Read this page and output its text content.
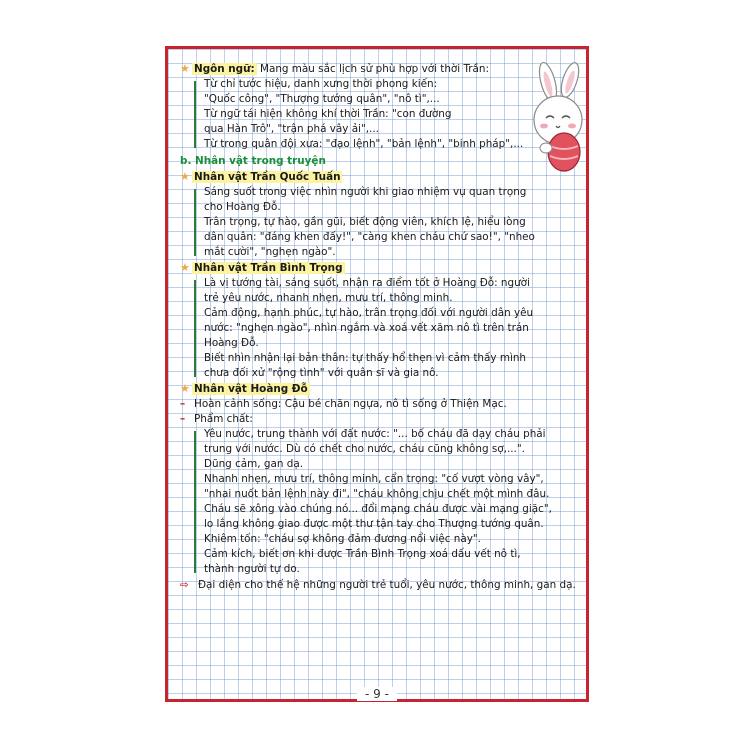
★ Ngôn ngữ: Mang màu sắc lịch sử phù hợp với thời Trần:
Từ chỉ tước hiệu, danh xưng thời phong kiến:
"Quốc công", "Thượng tướng quân", "nô tì",...
Từ ngữ tái hiện không khí thời Trần: "con đường
qua Hàn Trô", "trận phá vây ải",...
Từ trong quân đội xưa: "đạo lệnh", "bản lệnh", "binh pháp",...
b. Nhân vật trong truyện
★ Nhân vật Trần Quốc Tuấn
Sáng suốt trong việc nhìn người khi giao nhiệm vụ quan trọng
cho Hoàng Đỗ.
Trân trọng, tự hào, gần gũi, biết động viên, khích lệ, hiểu lòng
dân quân: "đáng khen đấy!", "càng khen cháu chứ sao!", "nheo
mắt cười", "nghẹn ngào".
★ Nhân vật Trần Bình Trọng
Là vị tướng tài, sáng suốt, nhận ra điểm tốt ở Hoàng Đỗ: người
trẻ yêu nước, nhanh nhẹn, mưu trí, thông minh.
Cảm động, hạnh phúc, tự hào, trân trọng đối với người dân yêu
nước: "nghẹn ngào", nhìn ngắm và xoá vết xăm nô tì trên trán
Hoàng Đỗ.
Biết nhìn nhận lại bản thân: tự thấy hổ thẹn vì cảm thấy mình
chưa đối xử "rộng tình" với quân sĩ và gia nô.
★ Nhân vật Hoàng Đỗ
– Hoàn cảnh sống: Cậu bé chăn ngựa, nô tì sống ở Thiện Mạc.
– Phẩm chất:
Yêu nước, trung thành với đất nước: "... bố cháu đã dạy cháu phải
trung với nước. Dù có chết cho nước, cháu cũng không sợ,...".
Dũng cảm, gan dạ.
Nhanh nhẹn, mưu trí, thông minh, cẩn trọng: "cố vượt vòng vây",
"nhai nuốt bản lệnh này đi", "cháu không chịu chết một mình đâu.
Cháu sẽ xông vào chúng nó... đổi mạng cháu được vài mạng giặc",
lo lắng không giao được một thư tận tay cho Thượng tướng quân.
Khiêm tốn: "cháu sợ không đảm đương nổi việc này".
Cảm kích, biết ơn khi được Trần Bình Trọng xoá dấu vết nô tì,
thành người tự do.
⇨ Đại diện cho thế hệ những người trẻ tuổi, yêu nước, thông minh, gan dạ.
- 9 -
